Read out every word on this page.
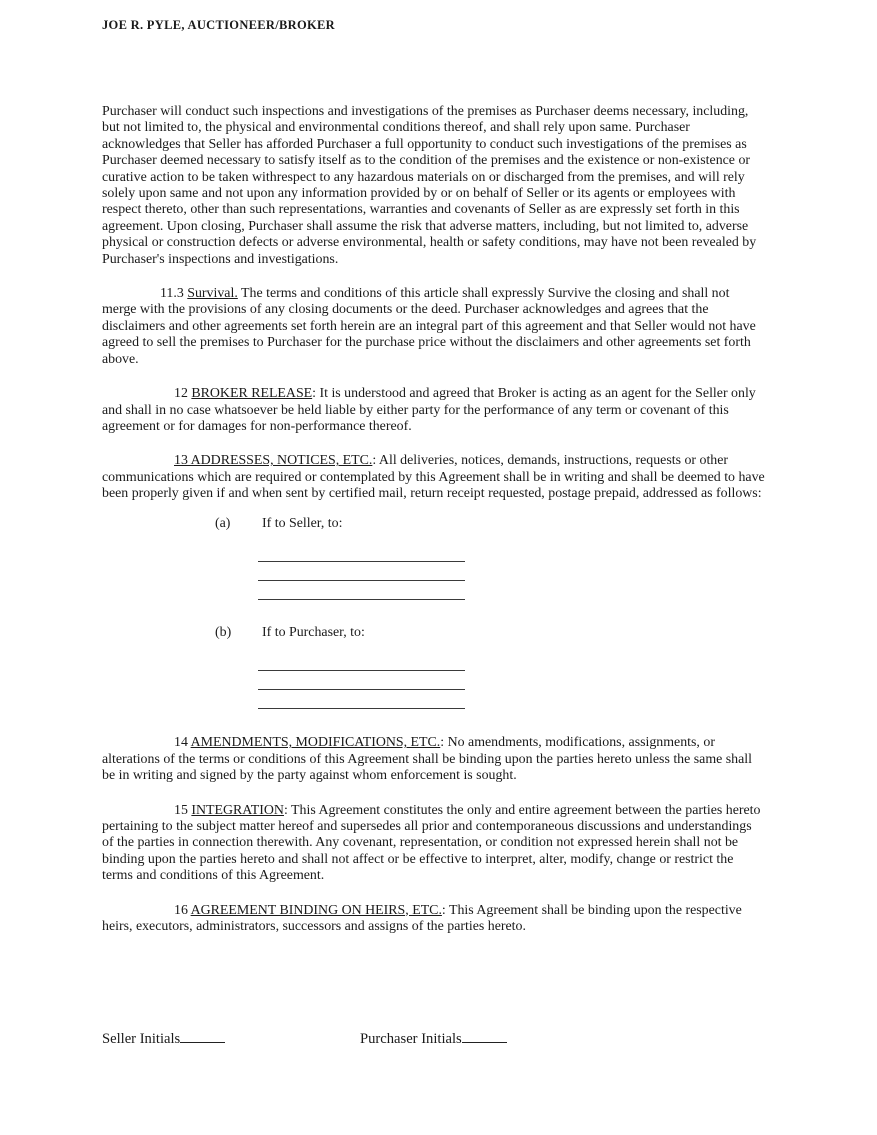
JOE R. PYLE, AUCTIONEER/BROKER

Purchaser will conduct such inspections and investigations of the premises as Purchaser deems necessary, including, but not limited to, the physical and environmental conditions thereof, and shall rely upon same. Purchaser acknowledges that Seller has afforded Purchaser a full opportunity to conduct such investigations of the premises as Purchaser deemed necessary to satisfy itself as to the condition of the premises and the existence or non-existence or curative action to be taken withrespect to any hazardous materials on or discharged from the premises, and will rely solely upon same and not upon any information provided by or on behalf of Seller or its agents or employees with respect thereto, other than such representations, warranties and covenants of Seller as are expressly set forth in this agreement. Upon closing, Purchaser shall assume the risk that adverse matters, including, but not limited to, adverse physical or construction defects or adverse environmental, health or safety conditions, may have not been revealed by Purchaser's inspections and investigations.

11.3 Survival. The terms and conditions of this article shall expressly Survive the closing and shall not merge with the provisions of any closing documents or the deed. Purchaser acknowledges and agrees that the disclaimers and other agreements set forth herein are an integral part of this agreement and that Seller would not have agreed to sell the premises to Purchaser for the purchase price without the disclaimers and other agreements set forth above.

12 BROKER RELEASE: It is understood and agreed that Broker is acting as an agent for the Seller only and shall in no case whatsoever be held liable by either party for the performance of any term or covenant of this agreement or for damages for non-performance thereof.

13 ADDRESSES, NOTICES, ETC.: All deliveries, notices, demands, instructions, requests or other communications which are required or contemplated by this Agreement shall be in writing and shall be deemed to have been properly given if and when sent by certified mail, return receipt requested, postage prepaid, addressed as follows:

(a) If to Seller, to:
(b) If to Purchaser, to:

14 AMENDMENTS, MODIFICATIONS, ETC.: No amendments, modifications, assignments, or alterations of the terms or conditions of this Agreement shall be binding upon the parties hereto unless the same shall be in writing and signed by the party against whom enforcement is sought.

15 INTEGRATION: This Agreement constitutes the only and entire agreement between the parties hereto pertaining to the subject matter hereof and supersedes all prior and contemporaneous discussions and understandings of the parties in connection therewith. Any covenant, representation, or condition not expressed herein shall not be binding upon the parties hereto and shall not affect or be effective to interpret, alter, modify, change or restrict the terms and conditions of this Agreement.

16 AGREEMENT BINDING ON HEIRS, ETC.: This Agreement shall be binding upon the respective heirs, executors, administrators, successors and assigns of the parties hereto.

Seller Initials	Purchaser Initials
